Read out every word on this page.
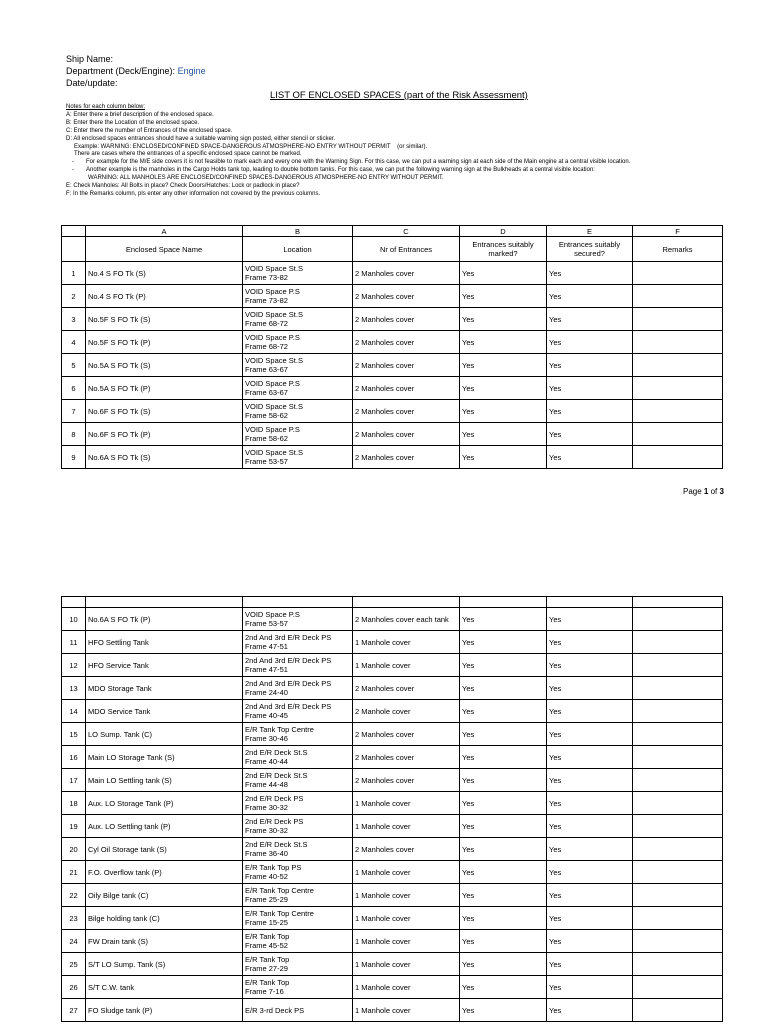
Ship Name:
Department (Deck/Engine): Engine
Date/update:
LIST OF ENCLOSED SPACES (part of the Risk Assessment)
Notes for each column below:
A: Enter there a brief description of the enclosed space.
B: Enter there the Location of the enclosed space.
C: Enter there the number of Entrances of the enclosed space.
D: All enclosed spaces entrances should have a suitable warning sign posted, either stencil or sticker.
Example: WARNING: ENCLOSED/CONFINED SPACE-DANGEROUS ATMOSPHERE-NO ENTRY WITHOUT PERMIT (or similar).
There are cases where the entrances of a specific enclosed space cannot be marked.
- For example for the M/E side covers it is not feasible to mark each and every one with the Warning Sign. For this case, we can put a warning sign at each side of the Main engine at a central visible location.
- Another example is the manholes in the Cargo Holds tank top, leading to double bottom tanks. For this case, we can put the following warning sign at the Bulkheads at a central visible location:
WARNING: ALL MANHOLES ARE ENCLOSED/CONFINED SPACES-DANGEROUS ATMOSPHERE-NO ENTRY WITHOUT PERMIT.
E: Check Manholes: All Bolts in place? Check Doors/Hatches: Lock or padlock in place?
F: In the Remarks column, pls enter any other information not covered by the previous columns.
	A	B	C	D	E	F
	Enclosed Space Name	Location	Nr of Entrances	Entrances suitably marked?	Entrances suitably secured?	Remarks
1	No.4 S FO Tk (S)	VOID Space St.S
Frame 73-82	2 Manholes cover	Yes	Yes	
2	No.4 S FO Tk (P)	VOID Space P.S
Frame 73-82	2 Manholes cover	Yes	Yes	
3	No.5F S FO Tk (S)	VOID Space St.S
Frame 68-72	2 Manholes cover	Yes	Yes	
4	No.5F S FO Tk (P)	VOID Space P.S
Frame 68-72	2 Manholes cover	Yes	Yes	
5	No.5A S FO Tk (S)	VOID Space St.S
Frame 63-67	2 Manholes cover	Yes	Yes	
6	No.5A S FO Tk (P)	VOID Space P.S
Frame 63-67	2 Manholes cover	Yes	Yes	
7	No.6F S FO Tk (S)	VOID Space St.S
Frame 58-62	2 Manholes cover	Yes	Yes	
8	No.6F S FO Tk (P)	VOID Space P.S
Frame 58-62	2 Manholes cover	Yes	Yes	
9	No.6A S FO Tk (S)	VOID Space St.S
Frame 53-57	2 Manholes cover	Yes	Yes	
Page 1 of 3

10	No.6A S FO Tk (P)	VOID Space P.S
Frame 53-57	2 Manholes cover each tank	Yes	Yes	
11	HFO Settling Tank	2nd And 3rd E/R Deck PS
Frame 47-51	1 Manhole cover	Yes	Yes	
12	HFO Service Tank	2nd And 3rd E/R Deck PS
Frame 47-51	1 Manhole cover	Yes	Yes	
13	MDO Storage Tank	2nd And 3rd E/R Deck PS
Frame 24-40	2 Manholes cover	Yes	Yes	
14	MDO Service Tank	2nd And 3rd E/R Deck PS
Frame 40-45	2 Manhole cover	Yes	Yes	
15	LO Sump. Tank (C)	E/R Tank Top Centre
Frame 30-46	2 Manholes cover	Yes	Yes	
16	Main LO Storage Tank (S)	2nd E/R Deck St.S
Frame 40-44	2 Manholes cover	Yes	Yes	
17	Main LO Settling tank (S)	2nd E/R Deck St.S
Frame 44-48	2 Manholes cover	Yes	Yes	
18	Aux. LO Storage Tank (P)	2nd E/R Deck PS
Frame 30-32	1 Manhole cover	Yes	Yes	
19	Aux. LO Settling tank (P)	2nd E/R Deck PS
Frame 30-32	1 Manhole cover	Yes	Yes	
20	Cyl Oil Storage tank (S)	2nd E/R Deck St.S
Frame 36-40	2 Manholes cover	Yes	Yes	
21	F.O. Overflow tank (P)	E/R Tank Top PS
Frame 40-52	1 Manhole cover	Yes	Yes	
22	Oily Bilge tank (C)	E/R Tank Top Centre
Frame 25-29	1 Manhole cover	Yes	Yes	
23	Bilge holding tank (C)	E/R Tank Top Centre
Frame 15-25	1 Manhole cover	Yes	Yes	
24	FW Drain tank (S)	E/R Tank Top
Frame 45-52	1 Manhole cover	Yes	Yes	
25	S/T LO Sump. Tank (S)	E/R Tank Top
Frame 27-29	1 Manhole cover	Yes	Yes	
26	S/T C.W. tank	E/R Tank Top
Frame 7-16	1 Manhole cover	Yes	Yes	
27	FO Sludge tank (P)	E/R 3-rd Deck PS	1 Manhole cover	Yes	Yes	
